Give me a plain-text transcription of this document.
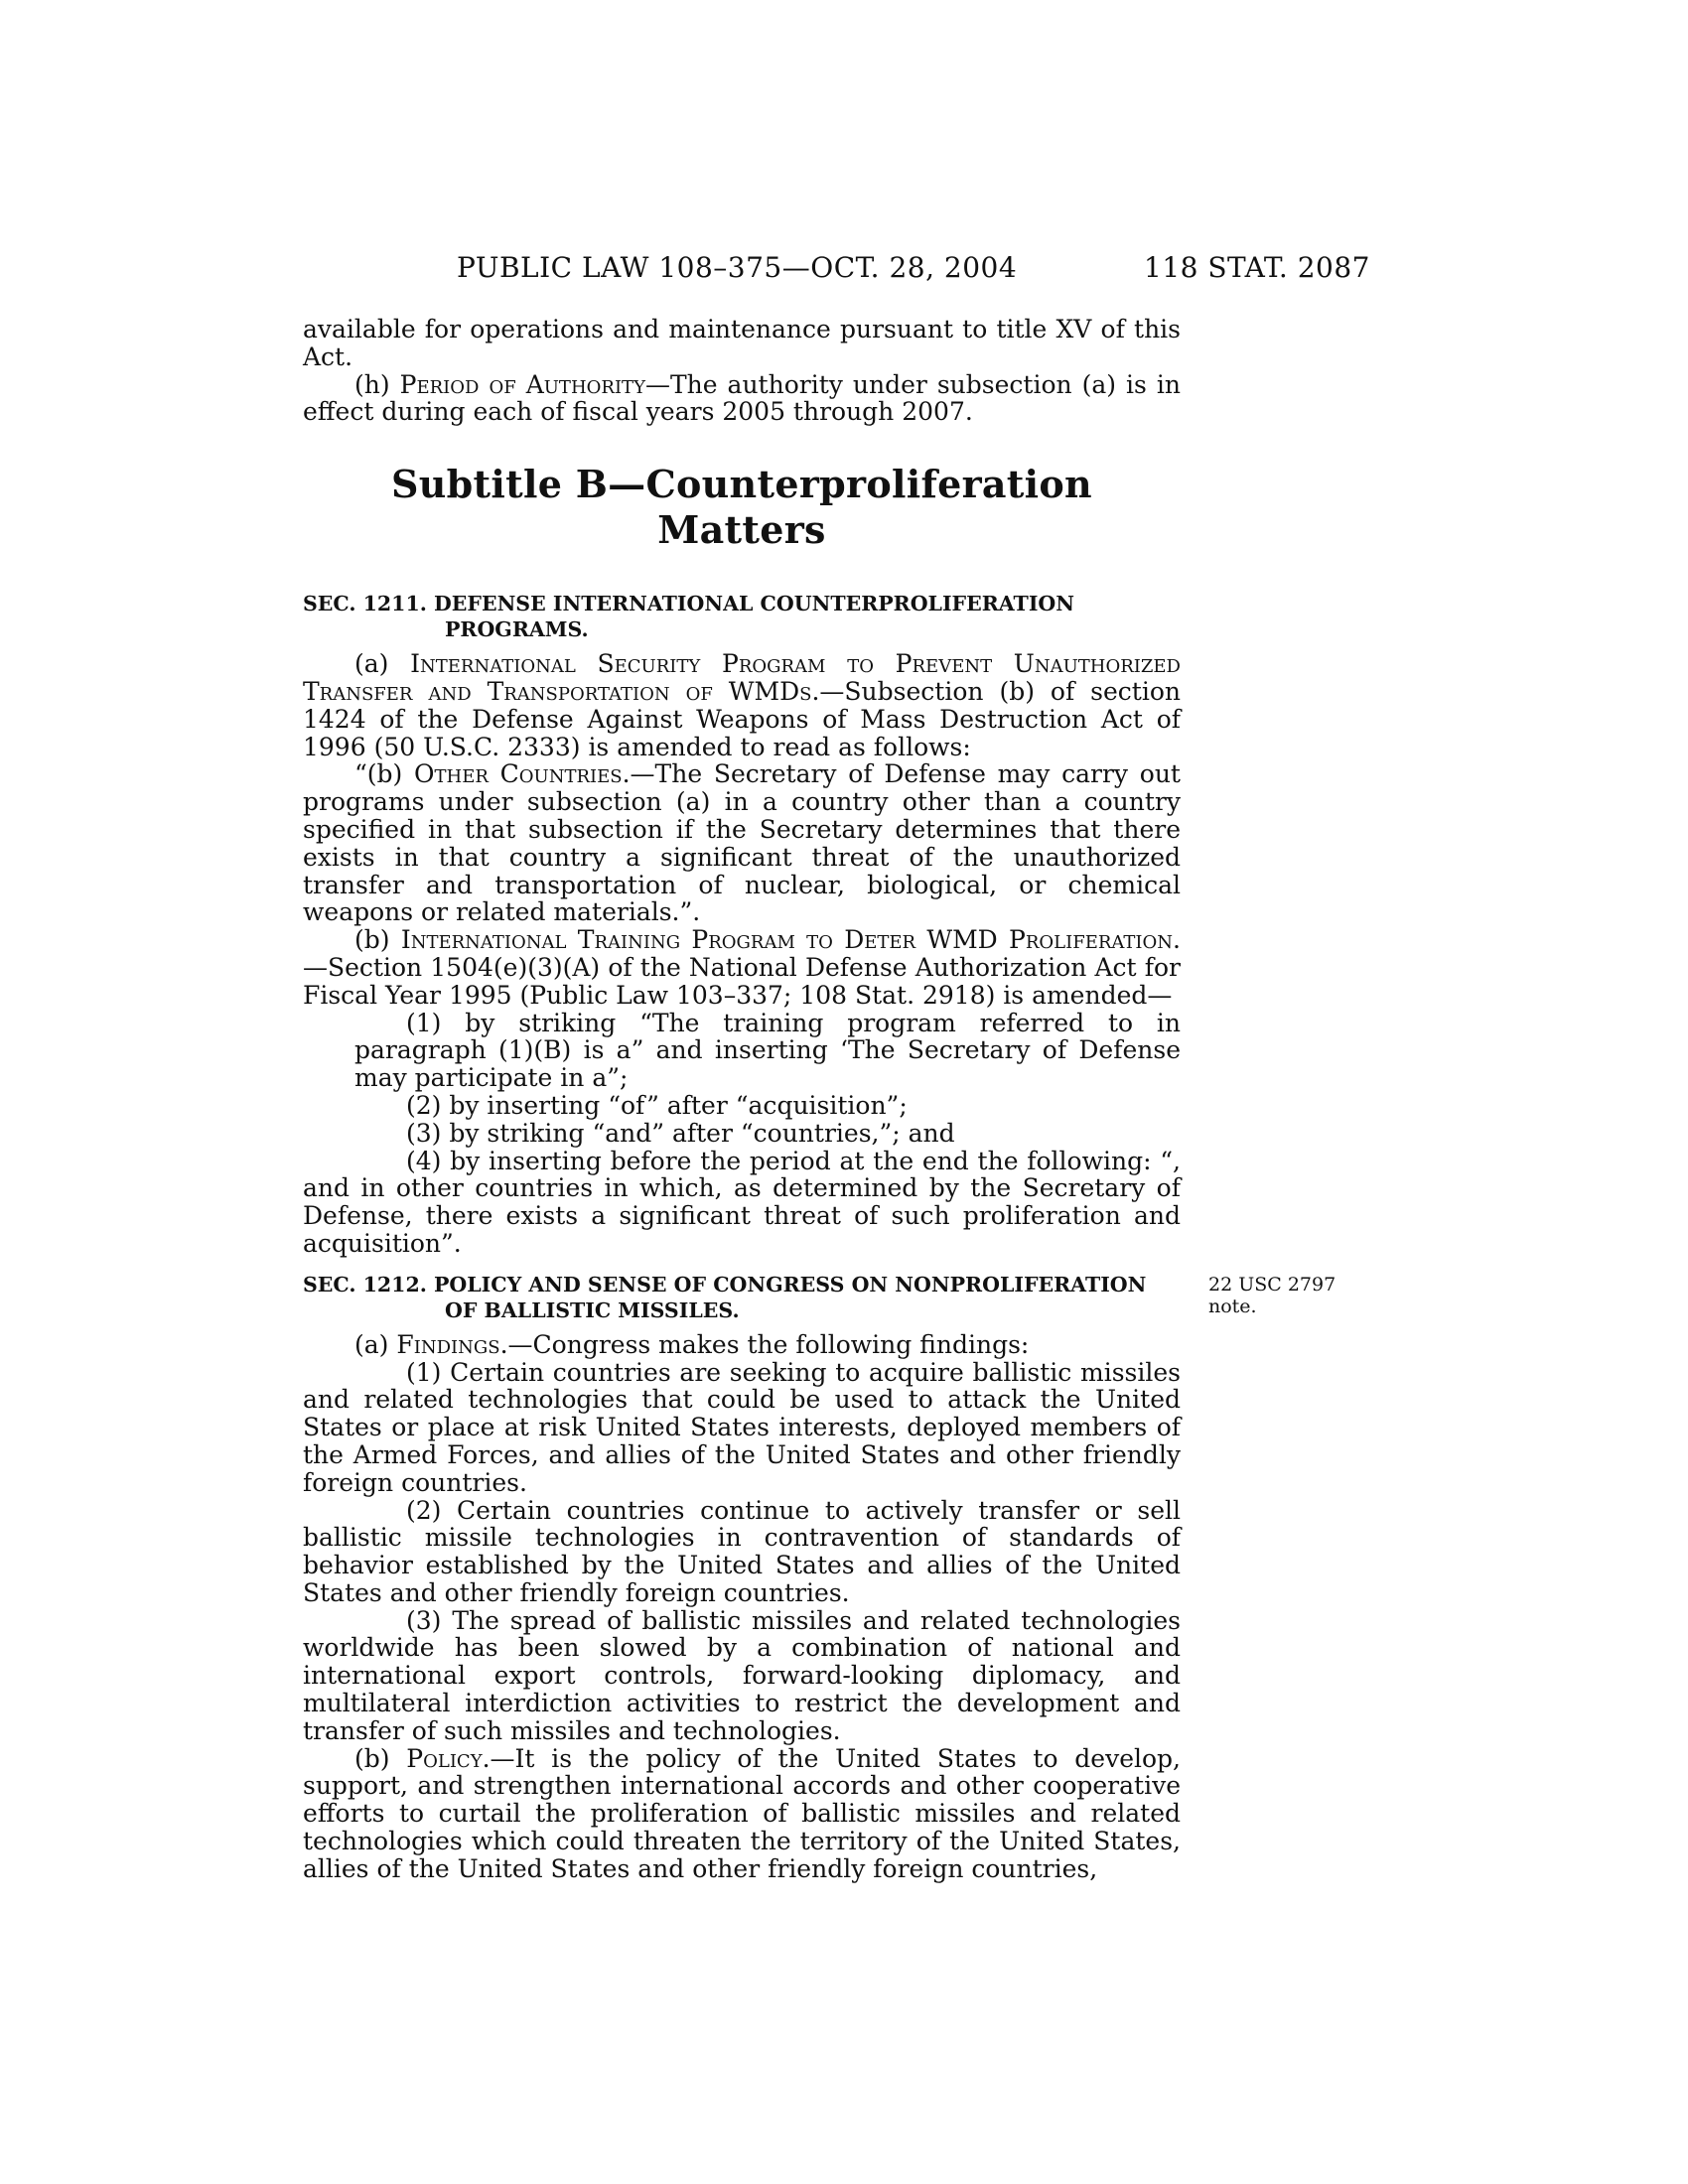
PUBLIC LAW 108–375—OCT. 28, 2004	118 STAT. 2087

available for operations and maintenance pursuant to title XV of this Act.

(h) Period of Authority—The authority under subsection (a) is in effect during each of fiscal years 2005 through 2007.

Subtitle B—Counterproliferation Matters
SEC. 1211. DEFENSE INTERNATIONAL COUNTERPROLIFERATION PROGRAMS.

(a) International Security Program to Prevent Unauthorized Transfer and Transportation of WMDs.—Subsection (b) of section 1424 of the Defense Against Weapons of Mass Destruction Act of 1996 (50 U.S.C. 2333) is amended to read as follows:

“(b) Other Countries.—The Secretary of Defense may carry out programs under subsection (a) in a country other than a country specified in that subsection if the Secretary determines that there exists in that country a significant threat of the unauthorized transfer and transportation of nuclear, biological, or chemical weapons or related materials.”.

(b) International Training Program to Deter WMD Proliferation.—Section 1504(e)(3)(A) of the National Defense Authorization Act for Fiscal Year 1995 (Public Law 103–337; 108 Stat. 2918) is amended—

(1) by striking “The training program referred to in paragraph (1)(B) is a” and inserting ‘The Secretary of Defense may participate in a”;

(2) by inserting “of” after “acquisition”;

(3) by striking “and” after “countries,”; and

(4) by inserting before the period at the end the following: “, and in other countries in which, as determined by the Secretary of Defense, there exists a significant threat of such proliferation and acquisition”.

SEC. 1212. POLICY AND SENSE OF CONGRESS ON NONPROLIFERATION OF BALLISTIC MISSILES.
22 USC 2797 note.

(a) Findings.—Congress makes the following findings:

(1) Certain countries are seeking to acquire ballistic missiles and related technologies that could be used to attack the United States or place at risk United States interests, deployed members of the Armed Forces, and allies of the United States and other friendly foreign countries.

(2) Certain countries continue to actively transfer or sell ballistic missile technologies in contravention of standards of behavior established by the United States and allies of the United States and other friendly foreign countries.

(3) The spread of ballistic missiles and related technologies worldwide has been slowed by a combination of national and international export controls, forward-looking diplomacy, and multilateral interdiction activities to restrict the development and transfer of such missiles and technologies.

(b) Policy.—It is the policy of the United States to develop, support, and strengthen international accords and other cooperative efforts to curtail the proliferation of ballistic missiles and related technologies which could threaten the territory of the United States, allies of the United States and other friendly foreign countries,
